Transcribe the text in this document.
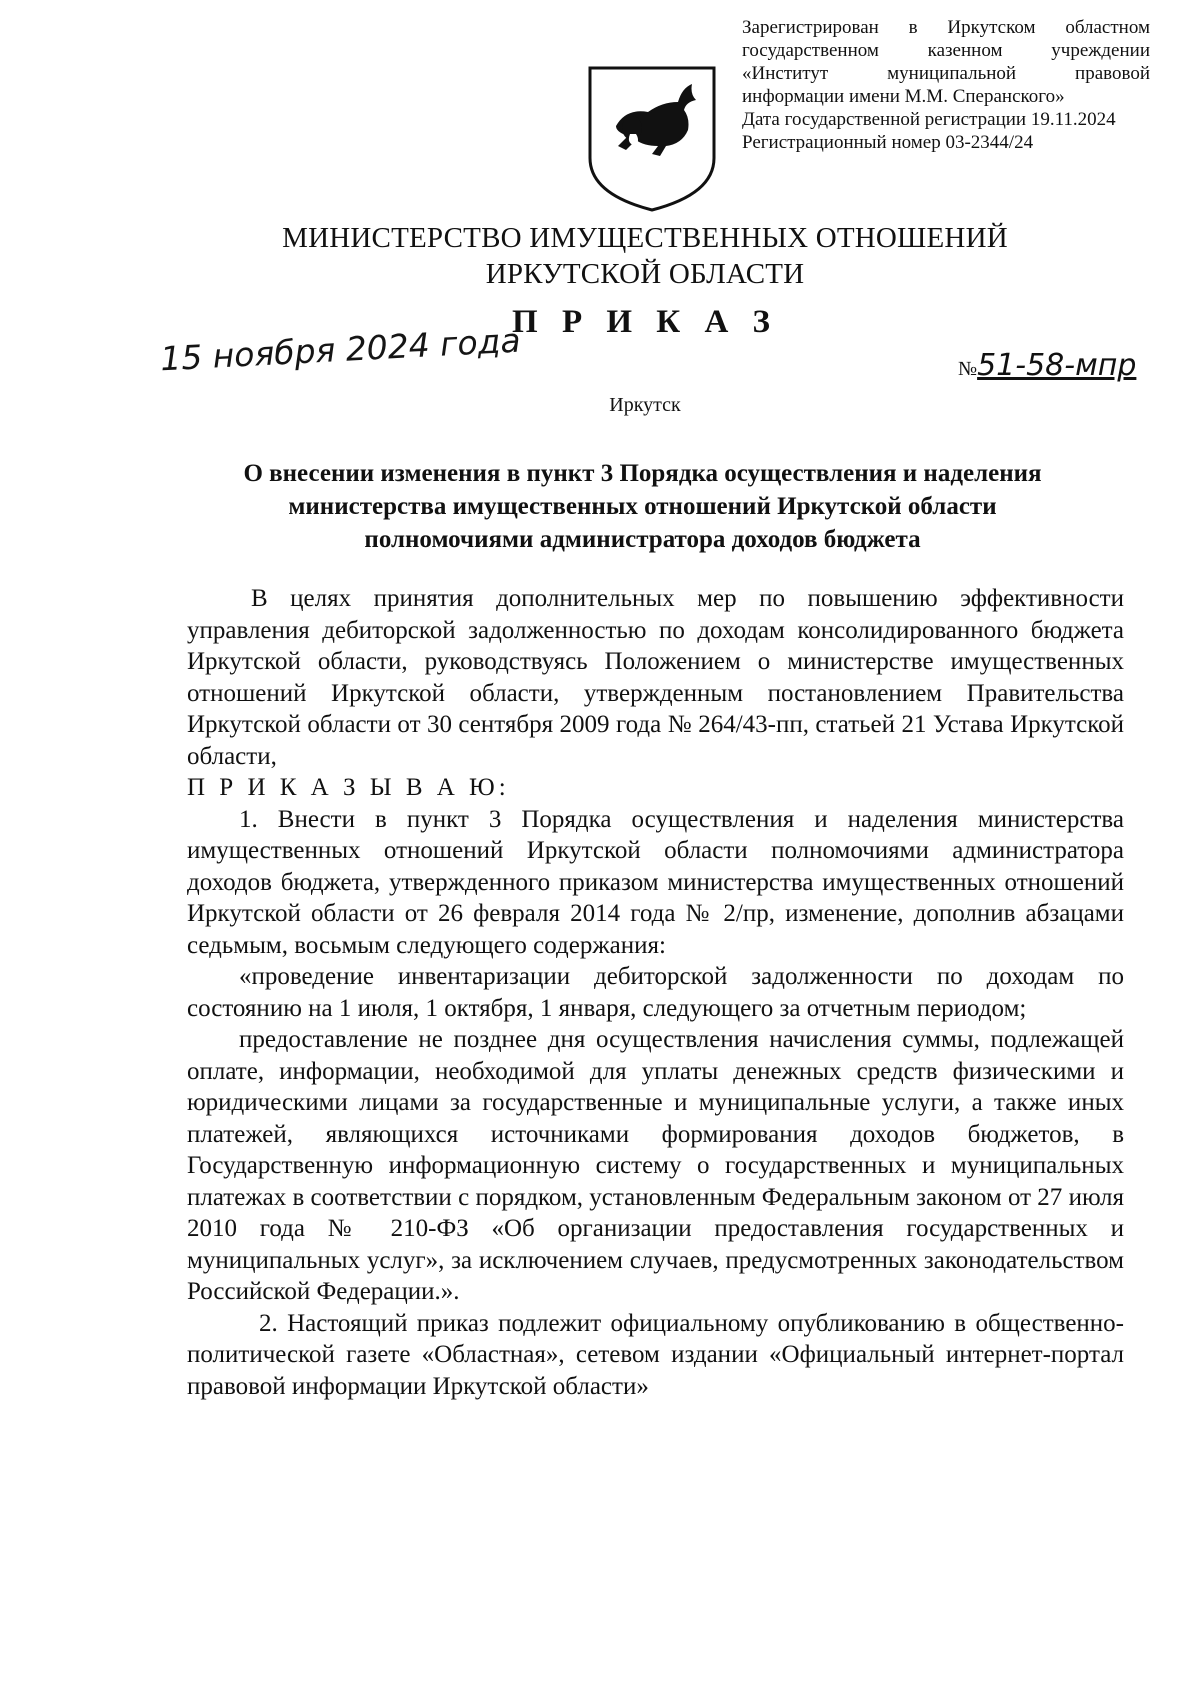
Зарегистрирован в Иркутском областном
государственном казенном учреждении
«Институт муниципальной правовой
информации имени М.М. Сперанского»
Дата государственной регистрации 19.11.2024
Регистрационный номер 03-2344/24
МИНИСТЕРСТВО ИМУЩЕСТВЕННЫХ ОТНОШЕНИЙ
ИРКУТСКОЙ ОБЛАСТИ
П Р И К А З
15 ноября 2024 года	№51-58-мпр
Иркутск
О внесении изменения в пункт 3 Порядка осуществления и наделения
министерства имущественных отношений Иркутской области
полномочиями администратора доходов бюджета

В целях принятия дополнительных мер по повышению эффективности управления дебиторской задолженностью по доходам консолидированного бюджета Иркутской области, руководствуясь Положением о министерстве имущественных отношений Иркутской области, утвержденным постановлением Правительства Иркутской области от 30 сентября 2009 года № 264/43-пп, статьей 21 Устава Иркутской области,

П Р И К А З Ы В А Ю:

1. Внести в пункт 3 Порядка осуществления и наделения министерства имущественных отношений Иркутской области полномочиями администратора доходов бюджета, утвержденного приказом министерства имущественных отношений Иркутской области от 26 февраля 2014 года № 2/пр, изменение, дополнив абзацами седьмым, восьмым следующего содержания:

«проведение инвентаризации дебиторской задолженности по доходам по состоянию на 1 июля, 1 октября, 1 января, следующего за отчетным периодом;

предоставление не позднее дня осуществления начисления суммы, подлежащей оплате, информации, необходимой для уплаты денежных средств физическими и юридическими лицами за государственные и муниципальные услуги, а также иных платежей, являющихся источниками формирования доходов бюджетов, в Государственную информационную систему о государственных и муниципальных платежах в соответствии с порядком, установленным Федеральным законом от 27 июля 2010 года № 210-ФЗ «Об организации предоставления государственных и муниципальных услуг», за исключением случаев, предусмотренных законодательством Российской Федерации.».

2. Настоящий приказ подлежит официальному опубликованию в общественно-политической газете «Областная», сетевом издании «Официальный интернет-портал правовой информации Иркутской области»
